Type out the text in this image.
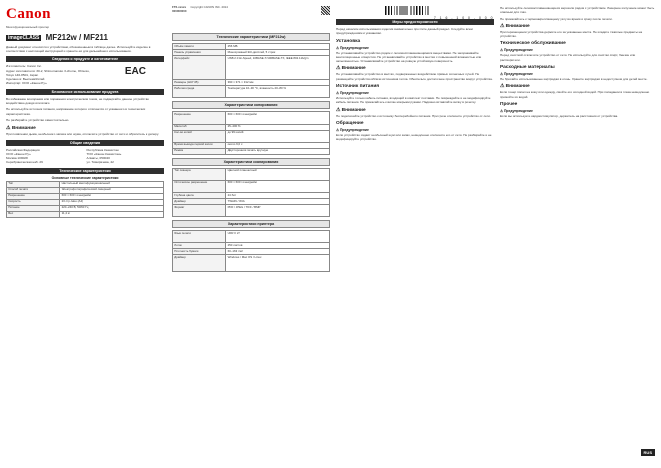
Canon
Многофункциональный принтер
imageCLASS MF212w / MF211
Данный документ относится к устройствам, обозначенным в таблице далее. Используйте изделие в соответствии с настоящей инструкцией и храните её для дальнейшего использования.
Сведения о продукте и изготовителе
Изготовитель: Canon Inc.
Адрес изготовителя: 30-2, Shimomaruko 3-chome, Ohta-ku,
Tokyo 146-8501, Japan
Сделано в: Вьетнам/Китай
Импортёр: ООО «Канон Ру»
EAC
Безопасное использование продукта
Во избежание возгорания или поражения электрическим током, не подвергайте данное устройство воздействию дождя или влаги.
Не используйте источник питания, напряжение которого отличается от указанного в технических характеристиках.
Не разбирайте устройство самостоятельно.
⚠ Внимание
При появлении дыма, необычного запаха или шума, отключите устройство от сети и обратитесь к дилеру.
Общие сведения
Российская Федерация
ООО «Канон Ру»
Москва 109028
Серебряническая наб. 29
Республика Казахстан
ТОО «Канон Казахстан»
Алматы, 050040
ул. Тимирязева, 42
Технические характеристики
Основные технические характеристики
Тип	Настольный многофункциональный
Способ печати	Электрофотографический лазерный
Разрешение	600 × 600 точек/дюйм
Скорость	23 стр./мин (A4)
Питание	220–240 В, 50/60 Гц
Вес	11,4 кг
FT6-xxxxx
000000000
Copyright CANON INC. 2014
Технические характеристики (MF212w)
Объём памяти	256 МБ
Панель управления	Монохромный ЖК-дисплей, 5 строк
Интерфейс	USB 2.0 Hi-Speed, 10BASE-T/100BASE-TX, IEEE 802.11b/g/n
Размеры (Ш×Г×В)	390 × 371 × 312 мм
Рабочая среда	Температура 10–30 °C, влажность 20–80 %
Характеристики копирования
Разрешение	600 × 600 точек/дюйм
Масштаб	25–400 %
Кол-во копий	до 99 копий
Время вывода первой копии	около 9,0 с
Режим	Двусторонняя печать вручную
Характеристики сканирования
Тип сканера	Цветной планшетный
Оптическое разрешение	600 × 600 точек/дюйм
Глубина цвета	24 бит
Драйвер	TWAIN / WIA
Формат	PDF / JPEG / TIFF / BMP
Характеристики принтера
Язык печати	UFR II LT
Лоток	250 листов
Плотность бумаги	60–163 г/м²
Драйвер	Windows / Mac OS / Linux
7 1 6 - 1 0 0 - 0 0 0
Меры предосторожности
Перед началом использования изделия внимательно прочтите данный раздел. Следуйте всем предупреждениям и указаниям.
Установка
⚠ Предупреждение
Не устанавливайте устройство рядом с легковоспламеняющимися веществами. Не загораживайте вентиляционные отверстия. Не устанавливайте устройство в местах с повышенной влажностью или запылённостью. Устанавливайте устройство на ровную устойчивую поверхность.
⚠ Внимание
Не устанавливайте устройство в местах, подверженных воздействию прямых солнечных лучей. Не размещайте устройство вблизи источников тепла. Обеспечьте достаточное пространство вокруг устройства.
Источник питания
⚠ Предупреждение
Используйте только кабель питания, входящий в комплект поставки. Не повреждайте и не модифицируйте кабель питания. Не прикасайтесь к вилке мокрыми руками. Надёжно вставляйте вилку в розетку.
⚠ Внимание
Не подключайте устройство к источнику бесперебойного питания. При грозе отключите устройство от сети.
Обращение
⚠ Предупреждение
Если устройство издаёт необычный шум или запах, немедленно отключите его от сети. Не разбирайте и не модифицируйте устройство.
Не используйте легковоспламеняющиеся аэрозоли рядом с устройством. Лазерное излучение может быть опасным для глаз.
Не прикасайтесь к термозакрепляющему узлу во время и сразу после печати.
⚠ Внимание
При перемещении устройства держите его за указанные места. Не кладите тяжёлые предметы на устройство.
Техническое обслуживание
⚠ Предупреждение
Перед очисткой отключите устройство от сети. Не используйте для очистки спирт, бензин или растворители.
Расходные материалы
⚠ Предупреждение
Не бросайте использованные картриджи в огонь. Храните картриджи в недоступном для детей месте.
⚠ Внимание
Если тонер попал на кожу или одежду, смойте его холодной водой. При попадании в глаза немедленно промойте их водой.
Прочее
⚠ Предупреждение
Если вы используете кардиостимулятор, держитесь на расстоянии от устройства.
RUS
